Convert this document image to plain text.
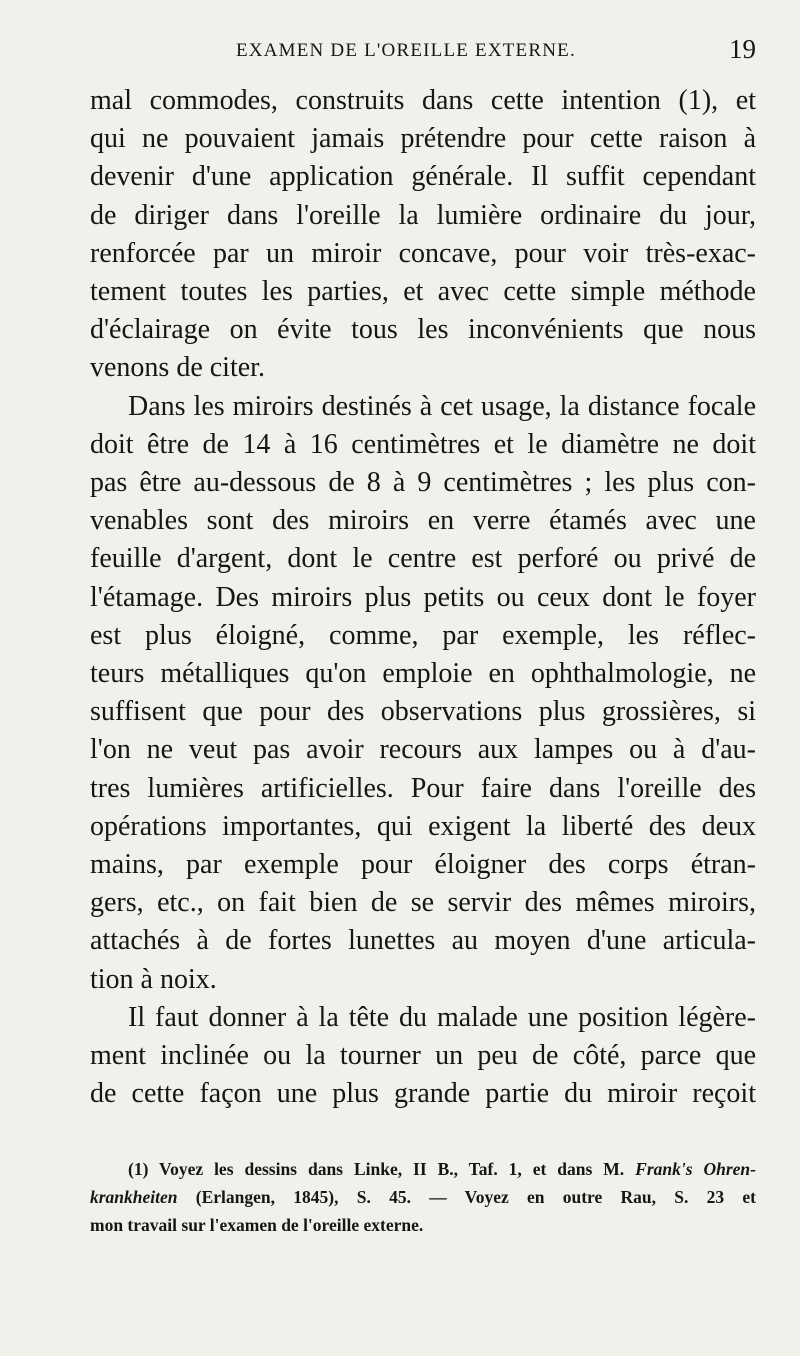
EXAMEN DE L'OREILLE EXTERNE.	19

mal commodes, construits dans cette intention (1), et
qui ne pouvaient jamais prétendre pour cette raison à
devenir d'une application générale. Il suffit cependant
de diriger dans l'oreille la lumière ordinaire du jour,
renforcée par un miroir concave, pour voir très-exac-
tement toutes les parties, et avec cette simple méthode
d'éclairage on évite tous les inconvénients que nous
venons de citer.

Dans les miroirs destinés à cet usage, la distance focale
doit être de 14 à 16 centimètres et le diamètre ne doit
pas être au-dessous de 8 à 9 centimètres ; les plus con-
venables sont des miroirs en verre étamés avec une
feuille d'argent, dont le centre est perforé ou privé de
l'étamage. Des miroirs plus petits ou ceux dont le foyer
est plus éloigné, comme, par exemple, les réflec-
teurs métalliques qu'on emploie en ophthalmologie, ne
suffisent que pour des observations plus grossières, si
l'on ne veut pas avoir recours aux lampes ou à d'au-
tres lumières artificielles. Pour faire dans l'oreille des
opérations importantes, qui exigent la liberté des deux
mains, par exemple pour éloigner des corps étran-
gers, etc., on fait bien de se servir des mêmes miroirs,
attachés à de fortes lunettes au moyen d'une articula-
tion à noix.

Il faut donner à la tête du malade une position légère-
ment inclinée ou la tourner un peu de côté, parce que
de cette façon une plus grande partie du miroir reçoit

(1) Voyez les dessins dans Linke, II B., Taf. 1, et dans M. Frank's Ohren-
krankheiten (Erlangen, 1845), S. 45. — Voyez en outre Rau, S. 23 et
mon travail sur l'examen de l'oreille externe.
